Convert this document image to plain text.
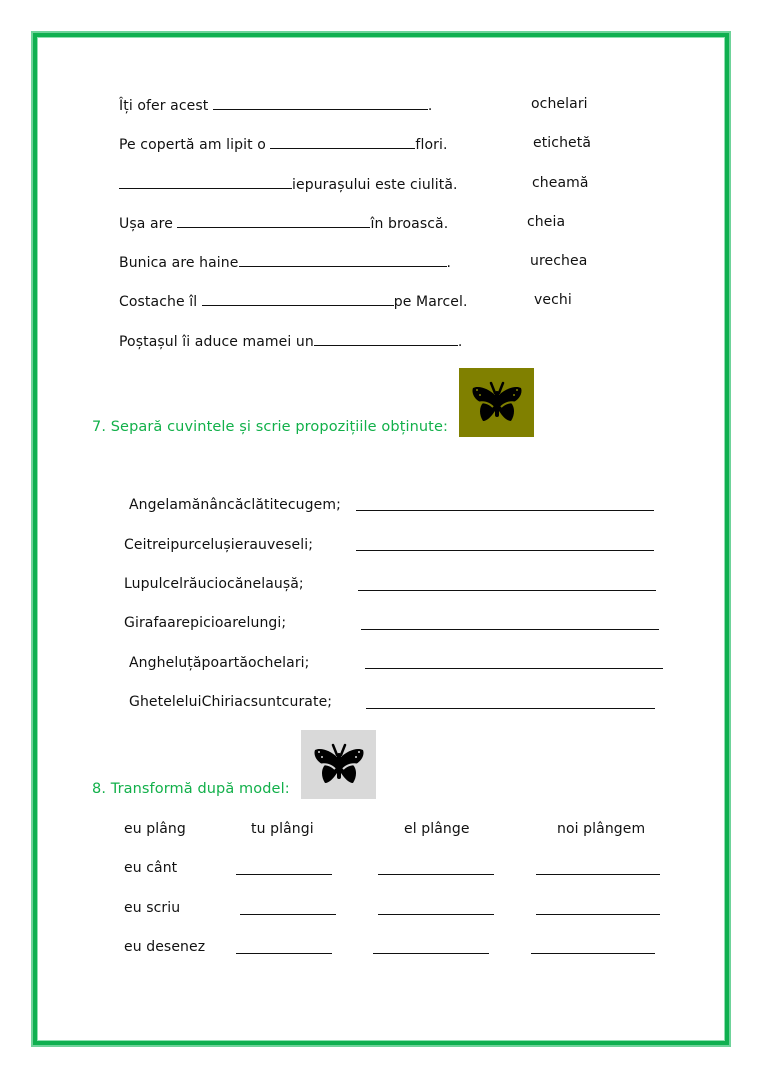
Îți ofer acest	.	ochelari
Pe copertă am lipit o	flori.	etichetă
iepurașului este ciulită.	cheamă
Ușa are	în broască.	cheia
Bunica are haine	.	urechea
Costache îl	pe Marcel.	vechi
Poștașul îi aduce mamei un	.
7. Separă cuvintele și scrie propozițiile obținute:
Angelamănâncăclătitecugem;
Ceitreipurcelușierauveseli;
Lupulcelrăuciocănelaușă;
Girafaarepicioarelungi;
Angheluțăpoartăochelari;
GheteleluiChiriacsuntcurate;
8. Transformă după model:
eu plâng	tu plângi	el plânge	noi plângem
eu cânt
eu scriu
eu desenez
